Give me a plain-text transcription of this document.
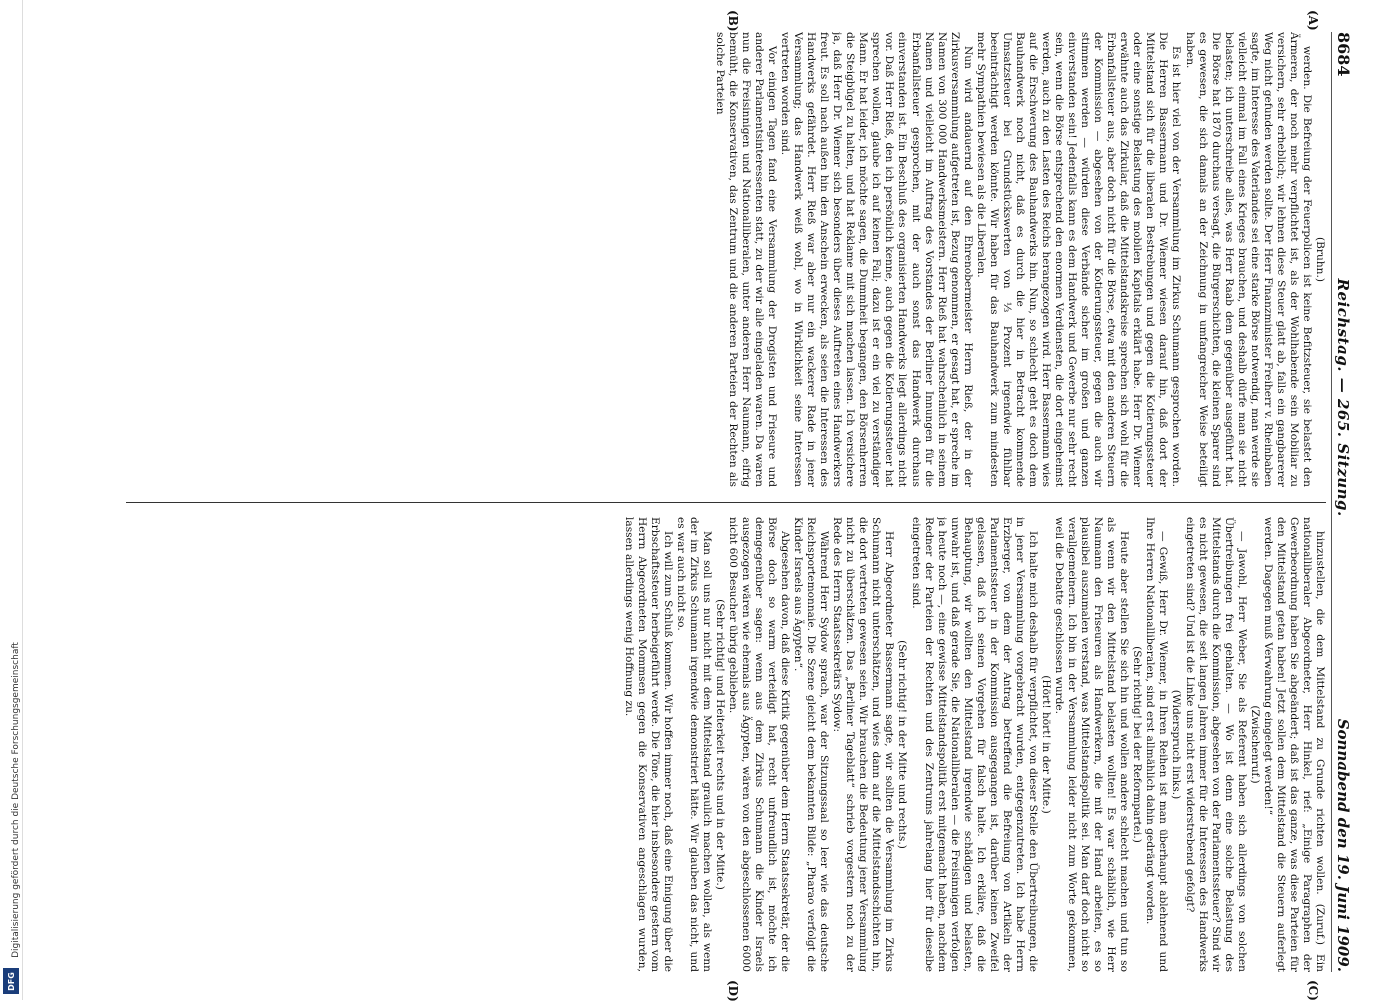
Digitalisierung gefördert durch die Deutsche Forschungsgemeinschaft
DFG
8684
Reichstag. — 265. Sitzung.
Sonnabend den 19. Juni 1909.
(A)
(B)
(C)
(D)

(Bruhn.)

werden. Die Befreiung der Feuerpolicen ist keine Befitzsteuer, sie belastet den Ärmeren, der noch mehr verpflichtet ist, als der Wohlhabende sein Mobiliar zu versichern, sehr erheblich; wir lehnen diese Steuer glatt ab, falls ein gangbarerer Weg nicht gefunden werden sollte. Der Herr Finanzminister Freiherr v. Rheinbaben sagte, im Interesse des Vaterlandes sei eine starke Börse notwendig, man werde sie vielleicht einmal im Fall eines Krieges brauchen, und deshalb dürfe man sie nicht belasten; ich unterschreibe alles, was Herr Raab dem gegenüber ausgeführt hat. Die Börse hat 1870 durchaus versagt, die Bürgerschichten, die kleinen Sparer sind es gewesen, die sich damals an der Zeichnung in umfangreicher Weise beteiligt haben.

Es ist hier viel von der Versammlung im Zirkus Schumann gesprochen worden. Die Herren Bassermann und Dr. Wiemer wiesen darauf hin, daß dort der Mittelstand sich für die liberalen Bestrebungen und gegen die Kotierungssteuer oder eine sonstige Belastung des mobilen Kapitals erklärt habe. Herr Dr. Wiemer erwähnte auch das Zirkular, daß die Mittelstandskreise sprechen sich wohl für die Erbanfallsteuer aus, aber doch nicht für die Börse, etwa mit den anderen Steuern der Kommission — abgesehen von der Kotierungssteuer, gegen die auch wir stimmen werden — würden diese Verbände sicher im großen und ganzen einverstanden sein! Jedenfalls kann es dem Handwerk und Gewerbe nur sehr recht sein, wenn die Börse entsprechend den enormen Verdiensten, die dort eingeheimst werden, auch zu den Lasten des Reichs herangezogen wird. Herr Bassermann wies auf die Erschwerung des Bauhandwerks hin. Nun, so schlecht geht es doch dem Bauhandwerk noch nicht, daß es durch die hier in Betracht kommende Umsatzsteuer bei Grundstückswerten von ⅓ Prozent irgendwie fühlbar beeinträchtigt werden könnte. Wir haben für das Bauhandwerk zum mindesten mehr Sympathien bewiesen als die Liberalen.

Nun wird andauernd auf den Ehrenobermeister Herrn Rieß, der in der Zirkusversammlung aufgetreten ist, Bezug genommen, er gesagt hat, er spreche im Namen von 300 000 Handwerksmeistern. Herr Rieß hat wahrscheinlich in seinem Namen und vielleicht im Auftrag des Vorstandes der Berliner Innungen für die Erbanfallsteuer gesprochen, mit der auch sonst das Handwerk durchaus einverstanden ist. Ein Beschluß des organisierten Handwerks liegt allerdings nicht vor. Daß Herr Rieß, den ich persönlich kenne, auch gegen die Kotierungssteuer hat sprechen wollen, glaube ich auf keinen Fall; dazu ist er ein viel zu verständiger Mann. Er hat leider, ich möchte sagen, die Dummheit begangen, den Börsenherren die Steigbügel zu halten, und hat Reklame mit sich machen lassen. Ich versichere ja, daß Herr Dr. Wiemer sich besonders über dieses Auftreten eines Handwerkers freut. Es soll nach außen hin den Anschein erwecken, als seien die Interessen des Handwerks gefährdet. Herr Rieß war aber nur ein wackerer Rade in jener Versammlung; das Handwerk weiß wohl, wo in Wirklichkeit seine Interessen vertreten worden sind.

Vor einigen Tagen fand eine Versammlung der Drogisten und Friseure und anderer Parlamentsinteressenten statt, zu der wir alle eingeladen waren. Da waren nun die Freisinnigen und Nationalliberalen, unter anderen Herr Naumann, eifrig bemüht, die Konservativen, das Zentrum und die anderen Parteien der Rechten als solche Parteien

hinzustellen, die dem Mittelstand zu Grunde richten wollen. (Zuruf.) Ein nationalliberaler Abgeordneter, Herr Hinkel, rief: „Einige Paragraphen der Gewerbeordnung haben Sie abgeändert; daß ist das ganze, was diese Parteien für den Mittelstand getan haben! Jetzt sollen dem Mittelstand die Steuern auferlegt werden. Dagegen muß Verwahrung eingelegt werden!“

(Zwischenruf.)

— Jawohl, Herr Weber, Sie als Referent haben sich allerdings von solchen Übertreibungen frei gehalten. — Wo ist denn eine solche Belastung des Mittelstands durch die Kommission, abgesehen von der Parlamentssteuer? Sind wir es nicht gewesen, die seit langen Jahren immer für die Interessen des Handwerks eingetreten sind? Und ist die Linke uns nicht erst widerstrebend gefolgt?

(Widerspruch links.)

— Gewiß, Herr Dr. Wiemer, in Ihren Reihen ist man überhaupt ablehnend und Ihre Herren Nationalliberalen, sind erst allmählich dahin gedrängt worden.

(Sehr richtig! bei der Reformpartei.)

Heute aber stellen Sie sich hin und wollen andere schlecht machen und tun so als wenn wir den Mittelstand belasten wollten! Es war schäblich, wie Herr Naumann den Friseuren als Handwerkern, die mit der Hand arbeiten, es so plausibel auszumalen verstand, was Mittelstandspolitik sei. Man darf doch nicht so verallgemeinern. Ich bin in der Versammlung leider nicht zum Worte gekommen, weil die Debatte geschlossen wurde.

(Hört! hört! in der Mitte.)

Ich halte mich deshalb für verpflichtet, von dieser Stelle den Übertreibungen, die in jener Versammlung vorgebracht wurden, entgegenzutreten. Ich habe Herrn Erzberger, von dem der Antrag betreffend die Befreiung von Artikeln der Parlamentssteuer in der Kommission ausgegangen ist, darüber keinen Zweifel gelassen, daß ich seinen Vorgehen für falsch halte. Ich erkläre, daß die Behauptung, wir wollten den Mittelstand irgendwie schädigen und belasten, unwahr ist, und daß gerade Sie, die Nationalliberalen — die Freisinnigen verfolgen ja heute noch —, eine gewisse Mittelstandspolitik erst mitgemacht haben, nachdem Redner der Parteien der Rechten und des Zentrums jahrelang hier für dieselbe eingetreten sind.

(Sehr richtig! in der Mitte und rechts.)

Herr Abgeordneter Bassermann sagte, wir sollten die Versammlung im Zirkus Schumann nicht unterschätzen, und wies dann auf die Mittelstandsschichten hin, die dort vertreten gewesen seien. Wir brauchen die Bedeutung jener Versammlung nicht zu überschätzen. Das „Berliner Tageblatt“ schrieb vorgestern noch zu der Rede des Herrn Staatssekretärs Sydow:

Während Herr Sydow sprach, war der Sitzungssaal so leer wie das deutsche Reichsportemonnaie. Die Szene gleicht dem bekannten Bilde: „Pharao verfolgt die Kinder Israels aus Ägypten“.

Abgesehen davon, daß diese Kritik gegenüber dem Herrn Staatssekretär, der die Börse doch so warm verteidigt hat, recht unfreundlich ist, möchte ich demgegenüber sagen: wenn aus dem Zirkus Schumann die Kinder Israels ausgezogen wären wie ehemals aus Ägypten, wären von den abgeschlossenen 6000 nicht 600 Besucher übrig geblieben.

(Sehr richtig! und Heiterkeit rechts und in der Mitte.)

Man soll uns nur nicht mit dem Mittelstand graulich machen wollen, als wenn der im Zirkus Schumann irgendwie demonstriert hätte. Wir glauben das nicht, und es war auch nicht so.

Ich will zum Schluß kommen. Wir hoffen immer noch, daß eine Einigung über die Erbschaftssteuer herbeigeführt werde. Die Töne, die hier insbesondere gestern vom Herrn Abgeordneten Mommsen gegen die Konservativen angeschlagen wurden, lassen allerdings wenig Hoffnung zu.
